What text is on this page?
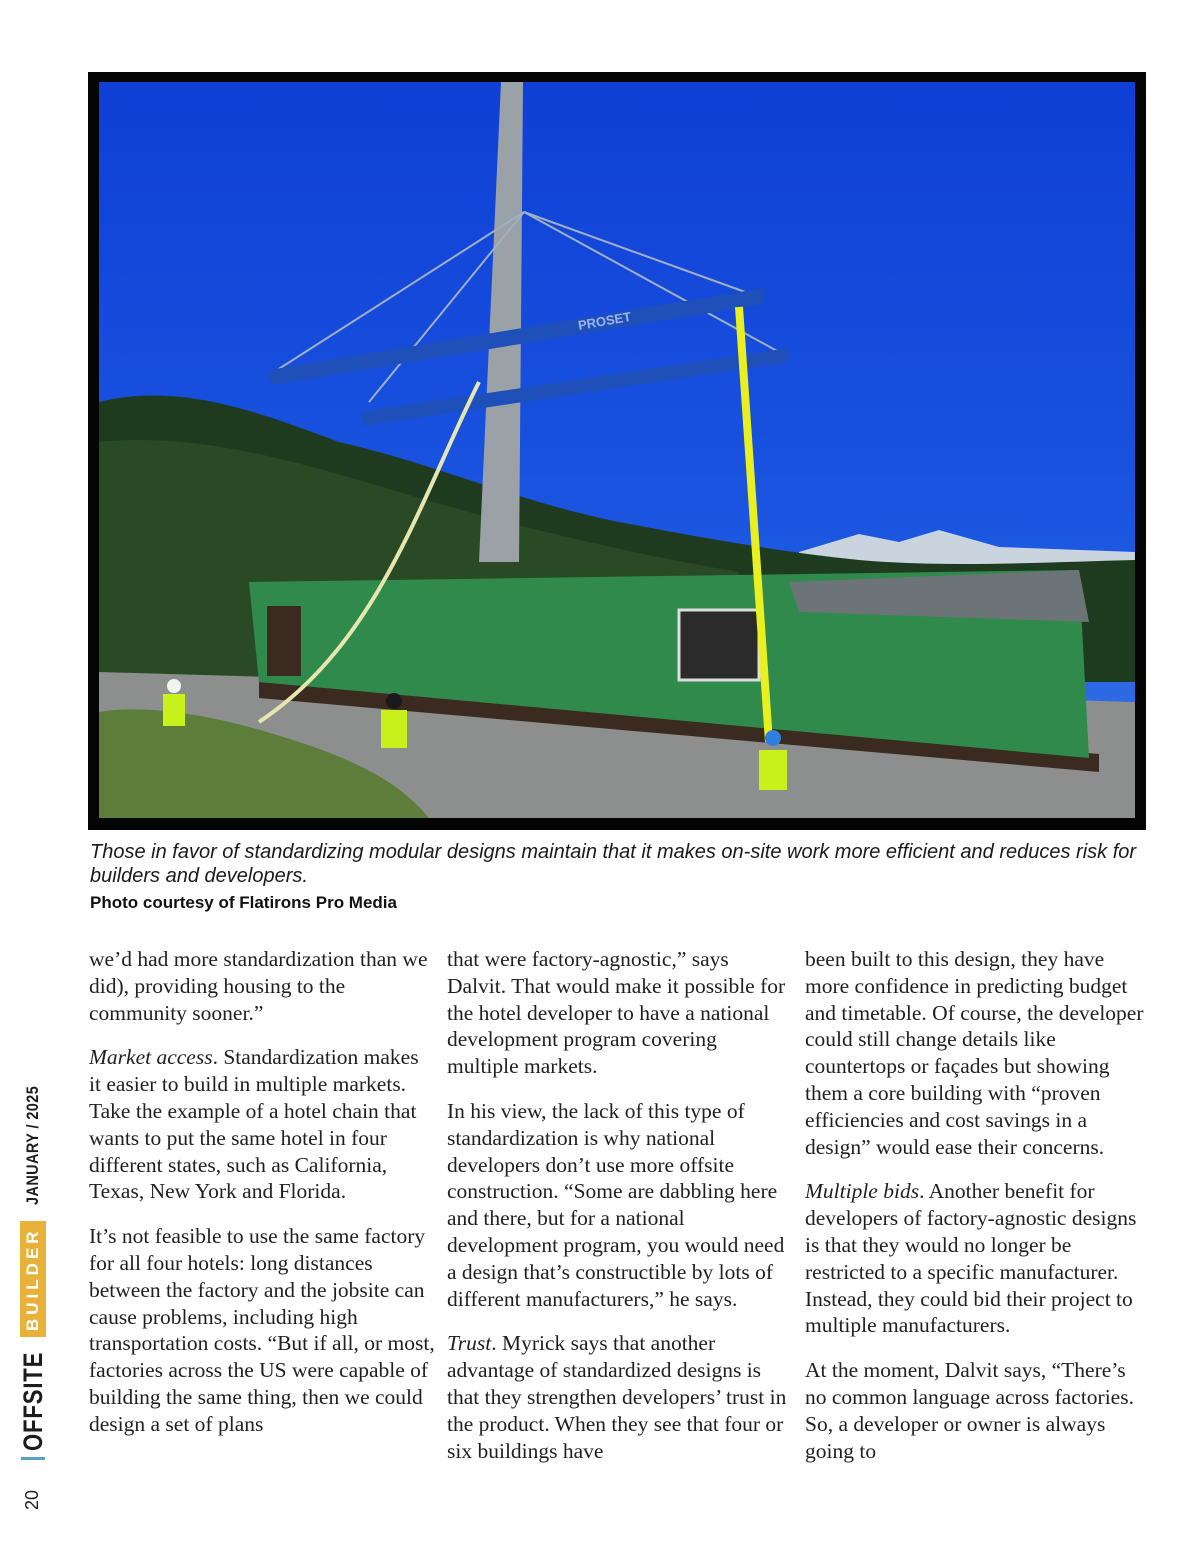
PROSET

Those in favor of standardizing modular designs maintain that it makes on-site work more efficient and reduces risk for builders and developers.

Photo courtesy of Flatirons Pro Media

we’d had more standardization than we did), providing housing to the community sooner.”

Market access. Standardization makes it easier to build in multiple markets. Take the example of a hotel chain that wants to put the same hotel in four different states, such as California, Texas, New York and Florida.

It’s not feasible to use the same factory for all four hotels: long distances between the factory and the jobsite can cause problems, including high transportation costs. “But if all, or most, factories across the US were capable of building the same thing, then we could design a set of plans

that were factory-agnostic,” says Dalvit. That would make it possible for the hotel developer to have a national development program covering multiple markets.

In his view, the lack of this type of standardization is why national developers don’t use more offsite construction. “Some are dabbling here and there, but for a national development program, you would need a design that’s constructible by lots of different manufacturers,” he says.

Trust. Myrick says that another advantage of standardized designs is that they strengthen developers’ trust in the product. When they see that four or six buildings have

been built to this design, they have more confidence in predicting budget and timetable. Of course, the developer could still change details like countertops or façades but showing them a core building with “proven efficiencies and cost savings in a design” would ease their concerns.

Multiple bids. Another benefit for developers of factory-agnostic designs is that they would no longer be restricted to a specific manufacturer. Instead, they could bid their project to multiple manufacturers.

At the moment, Dalvit says, “There’s no common language across factories. So, a developer or owner is always going to

OFFSITE
BUILDER
JANUARY / 2025
20
